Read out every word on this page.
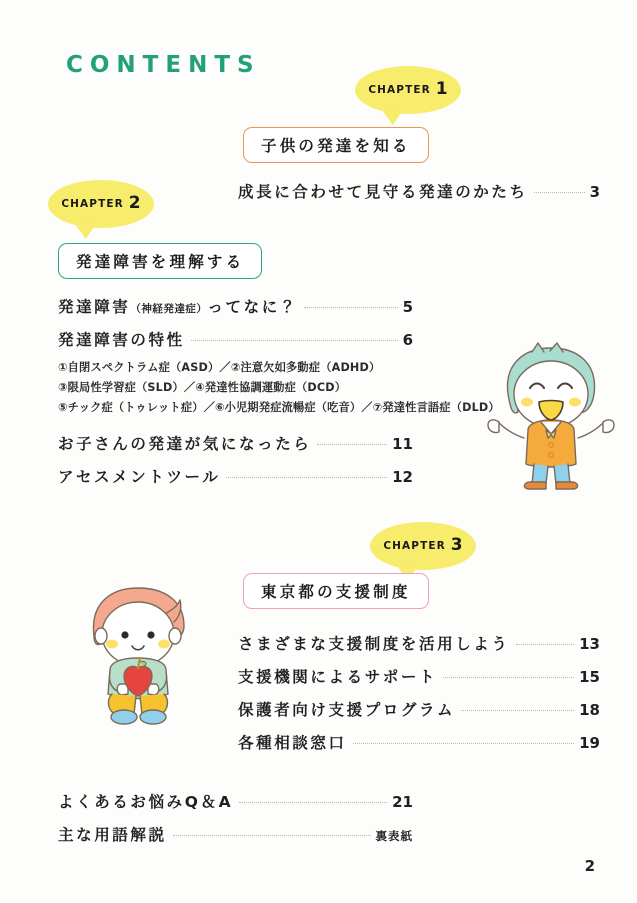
CONTENTS
CHAPTER 1
子供の発達を知る
成長に合わせて見守る発達のかたち	3
CHAPTER 2
発達障害を理解する
発達障害 （神経発達症） ってなに？	5
発達障害の特性	6
①自閉スペクトラム症（ASD）／②注意欠如多動症（ADHD）
③限局性学習症（SLD）／④発達性協調運動症（DCD）
⑤チック症（トゥレット症）／⑥小児期発症流暢症（吃音）／⑦発達性言語症（DLD）
お子さんの発達が気になったら	11
アセスメントツール	12
CHAPTER 3
東京都の支援制度
さまざまな支援制度を活用しよう	13
支援機関によるサポート	15
保護者向け支援プログラム	18
各種相談窓口	19
よくあるお悩みQ＆A	21
主な用語解説	裏表紙
2
